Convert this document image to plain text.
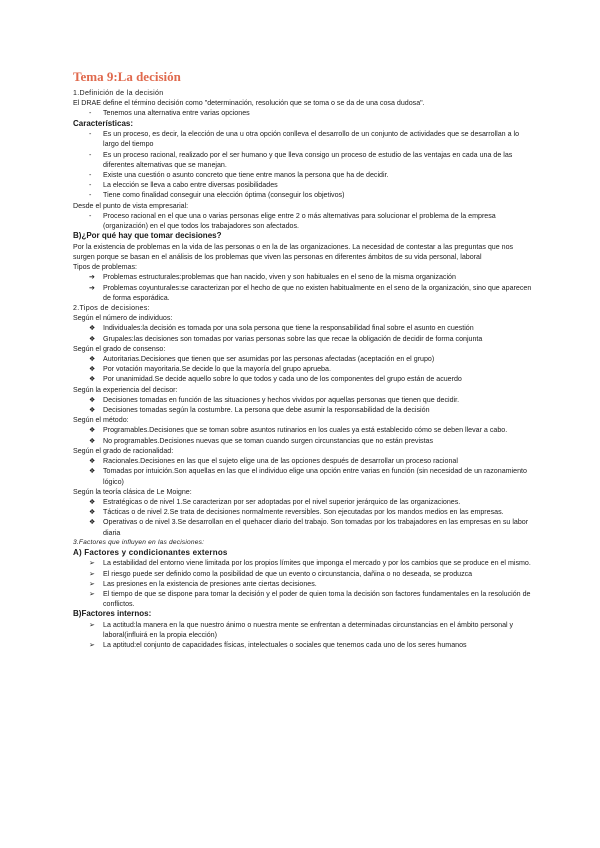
Tema 9:La decisión
1.Definición de la decisión
El DRAE define el término decisión como "determinación, resolución que se toma o se da de una cosa dudosa".
-	Tenemos una alternativa entre varias opciones
Características:
-	Es un proceso, es decir, la elección de una u otra opción conlleva el desarrollo de un conjunto de actividades que se desarrollan a lo largo del tiempo
-	Es un proceso racional, realizado por el ser humano y que lleva consigo un proceso de estudio de las ventajas en cada una de las diferentes alternativas que se manejan.
-	Existe una cuestión o asunto concreto que tiene entre manos la persona que ha de decidir.
-	La elección se lleva a cabo entre diversas posibilidades
-	Tiene como finalidad conseguir una elección óptima (conseguir los objetivos)
Desde el punto de vista empresarial:
-	Proceso racional en el que una o varias personas elige entre 2 o más alternativas para solucionar el problema de la empresa (organización) en el que todos los trabajadores son afectados.
B)¿Por qué hay que tomar decisiones?
Por la existencia de problemas en la vida de las personas o en la de las organizaciones. La necesidad de contestar a las preguntas que nos surgen porque se basan en el análisis de los problemas que viven las personas en diferentes ámbitos de su vida personal, laboral
Tipos de problemas:
➔	Problemas estructurales:problemas que han nacido, viven y son habituales en el seno de la misma organización
➔	Problemas coyunturales:se caracterizan por el hecho de que no existen habitualmente en el seno de la organización, sino que aparecen de forma esporádica.
2.Tipos de decisiones:
Según el número de individuos:
❖	Individuales:la decisión es tomada por una sola persona que tiene la responsabilidad final sobre el asunto en cuestión
❖	Grupales:las decisiones son tomadas por varias personas sobre las que recae la obligación de decidir de forma conjunta
Según el grado de consenso:
❖	Autoritarias.Decisiones que tienen que ser asumidas por las personas afectadas (aceptación en el grupo)
❖	Por votación mayoritaria.Se decide lo que la mayoría del grupo aprueba.
❖	Por unanimidad.Se decide aquello sobre lo que todos y cada uno de los componentes del grupo están de acuerdo
Según la experiencia del decisor:
❖	Decisiones tomadas en función de las situaciones y hechos vividos por aquellas personas que tienen que decidir.
❖	Decisiones tomadas según la costumbre. La persona que debe asumir la responsabilidad de la decisión
Según el método:
❖	Programables.Decisiones que se toman sobre asuntos rutinarios en los cuales ya está establecido cómo se deben llevar a cabo.
❖	No programables.Decisiones nuevas que se toman cuando surgen circunstancias que no están previstas
Según el grado de racionalidad:
❖	Racionales.Decisiones en las que el sujeto elige una de las opciones después de desarrollar un proceso racional
❖	Tomadas por intuición.Son aquellas en las que el individuo elige una opción entre varias en función (sin necesidad de un razonamiento lógico)
Según la teoría clásica de Le Moigne:
❖	Estratégicas o de nivel 1.Se caracterizan por ser adoptadas por el nivel superior jerárquico de las organizaciones.
❖	Tácticas o de nivel 2.Se trata de decisiones normalmente reversibles. Son ejecutadas por los mandos medios en las empresas.
❖	Operativas o de nivel 3.Se desarrollan en el quehacer diario del trabajo. Son tomadas por los trabajadores en las empresas en su labor diaria
3.Factores que influyen en las decisiones:
A) Factores y condicionantes externos
➢	La estabilidad del entorno viene limitada por los propios límites que imponga el mercado y por los cambios que se produce en el mismo.
➢	El riesgo puede ser definido como la posibilidad de que un evento o circunstancia, dañina o no deseada, se produzca
➢	Las presiones en la existencia de presiones ante ciertas decisiones.
➢	El tiempo de que se dispone para tomar la decisión y el poder de quien toma la decisión son factores fundamentales en la resolución de conflictos.
B)Factores internos:
➢	La actitud:la manera en la que nuestro ánimo o nuestra mente se enfrentan a determinadas circunstancias en el ámbito personal y laboral(influirá en la propia elección)
➢	La aptitud:el conjunto de capacidades físicas, intelectuales o sociales que tenemos cada uno de los seres humanos
